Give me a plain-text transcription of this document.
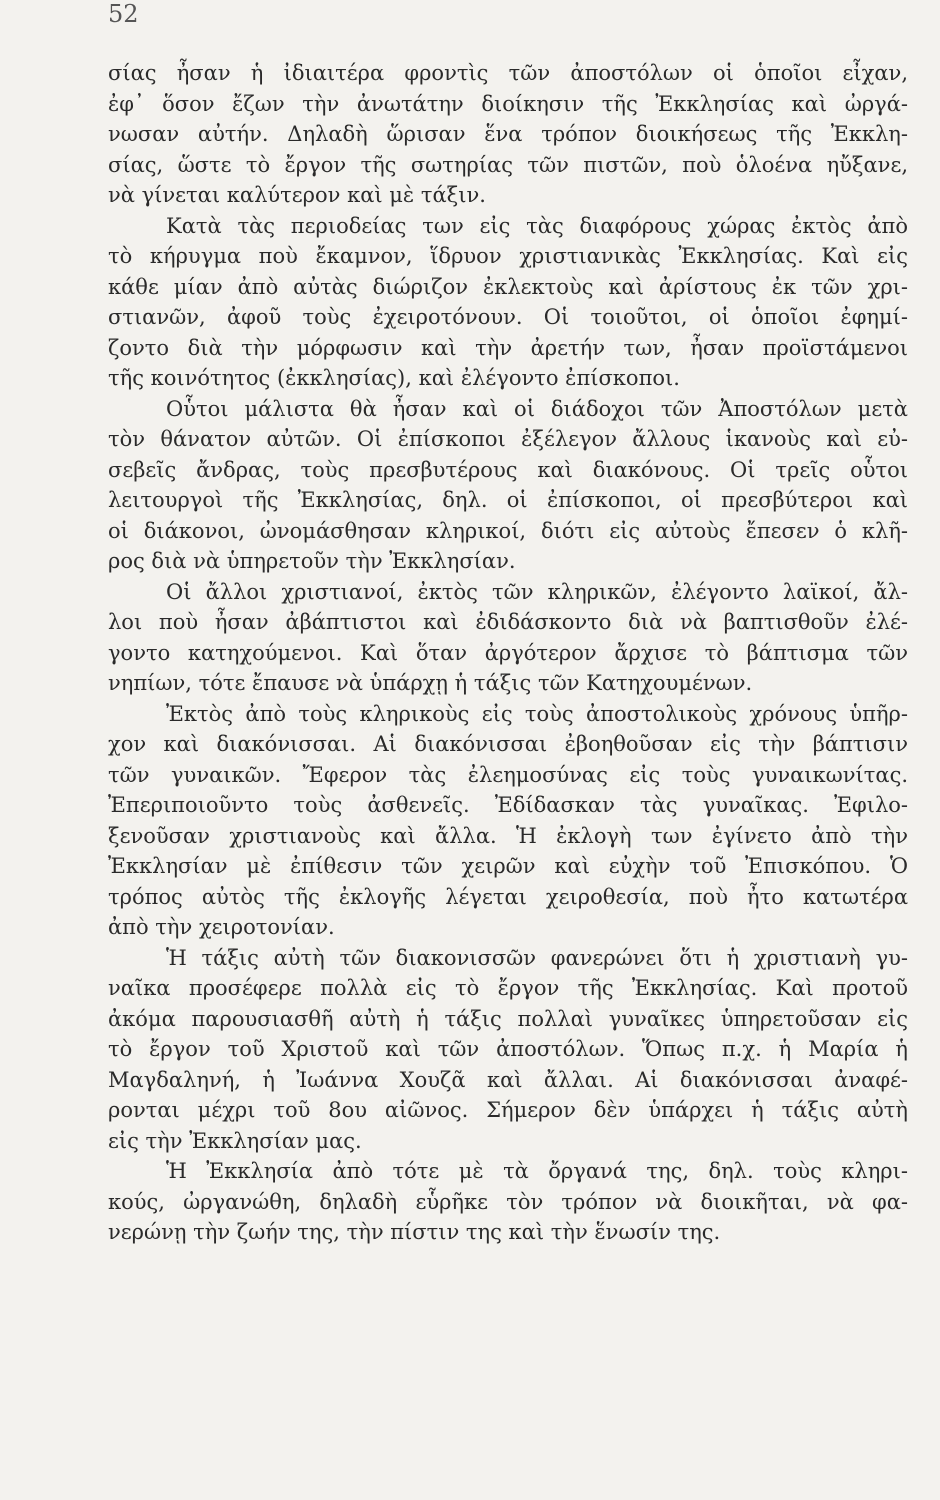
52
σίας ἦσαν ἡ ἰδιαιτέρα φροντὶς τῶν ἀποστόλων οἱ ὁποῖοι εἶχαν,
ἐφ᾽ ὅσον ἔζων τὴν ἀνωτάτην διοίκησιν τῆς Ἐκκλησίας καὶ ὠργά-
νωσαν αὐτήν. Δηλαδὴ ὥρισαν ἕνα τρόπον διοικήσεως τῆς Ἐκκλη-
σίας, ὥστε τὸ ἔργον τῆς σωτηρίας τῶν πιστῶν, ποὺ ὁλοένα ηὔξανε,
νὰ γίνεται καλύτερον καὶ μὲ τάξιν.
Κατὰ τὰς περιοδείας των εἰς τὰς διαφόρους χώρας ἐκτὸς ἀπὸ
τὸ κήρυγμα ποὺ ἔκαμνον, ἵδρυον χριστιανικὰς Ἐκκλησίας. Καὶ εἰς
κάθε μίαν ἀπὸ αὐτὰς διώριζον ἐκλεκτοὺς καὶ ἀρίστους ἐκ τῶν χρι-
στιανῶν, ἀφοῦ τοὺς ἐχειροτόνουν. Οἱ τοιοῦτοι, οἱ ὁποῖοι ἐφημί-
ζοντο διὰ τὴν μόρφωσιν καὶ τὴν ἀρετήν των, ἦσαν προϊστάμενοι
τῆς κοινότητος (ἐκκλησίας), καὶ ἐλέγοντο ἐπίσκοποι.
Οὗτοι μάλιστα θὰ ἦσαν καὶ οἱ διάδοχοι τῶν Ἀποστόλων μετὰ
τὸν θάνατον αὐτῶν. Οἱ ἐπίσκοποι ἐξέλεγον ἄλλους ἱκανοὺς καὶ εὐ-
σεβεῖς ἄνδρας, τοὺς πρεσβυτέρους καὶ διακόνους. Οἱ τρεῖς οὗτοι
λειτουργοὶ τῆς Ἐκκλησίας, δηλ. οἱ ἐπίσκοποι, οἱ πρεσβύτεροι καὶ
οἱ διάκονοι, ὠνομάσθησαν κληρικοί, διότι εἰς αὐτοὺς ἔπεσεν ὁ κλῆ-
ρος διὰ νὰ ὑπηρετοῦν τὴν Ἐκκλησίαν.
Οἱ ἄλλοι χριστιανοί, ἐκτὸς τῶν κληρικῶν, ἐλέγοντο λαϊκοί, ἄλ-
λοι ποὺ ἦσαν ἀβάπτιστοι καὶ ἐδιδάσκοντο διὰ νὰ βαπτισθοῦν ἐλέ-
γοντο κατηχούμενοι. Καὶ ὅταν ἀργότερον ἄρχισε τὸ βάπτισμα τῶν
νηπίων, τότε ἔπαυσε νὰ ὑπάρχῃ ἡ τάξις τῶν Κατηχουμένων.
Ἐκτὸς ἀπὸ τοὺς κληρικοὺς εἰς τοὺς ἀποστολικοὺς χρόνους ὑπῆρ-
χον καὶ διακόνισσαι. Αἱ διακόνισσαι ἐβοηθοῦσαν εἰς τὴν βάπτισιν
τῶν γυναικῶν. Ἔφερον τὰς ἐλεημοσύνας εἰς τοὺς γυναικωνίτας.
Ἐπεριποιοῦντο τοὺς ἀσθενεῖς. Ἐδίδασκαν τὰς γυναῖκας. Ἐφιλο-
ξενοῦσαν χριστιανοὺς καὶ ἄλλα. Ἡ ἐκλογὴ των ἐγίνετο ἀπὸ τὴν
Ἐκκλησίαν μὲ ἐπίθεσιν τῶν χειρῶν καὶ εὐχὴν τοῦ Ἐπισκόπου. Ὁ
τρόπος αὐτὸς τῆς ἐκλογῆς λέγεται χειροθεσία, ποὺ ἦτο κατωτέρα
ἀπὸ τὴν χειροτονίαν.
Ἡ τάξις αὐτὴ τῶν διακονισσῶν φανερώνει ὅτι ἡ χριστιανὴ γυ-
ναῖκα προσέφερε πολλὰ εἰς τὸ ἔργον τῆς Ἐκκλησίας. Καὶ προτοῦ
ἀκόμα παρουσιασθῆ αὐτὴ ἡ τάξις πολλαὶ γυναῖκες ὑπηρετοῦσαν εἰς
τὸ ἔργον τοῦ Χριστοῦ καὶ τῶν ἀποστόλων. Ὅπως π.χ. ἡ Μαρία ἡ
Μαγδαληνή, ἡ Ἰωάννα Χουζᾶ καὶ ἄλλαι. Αἱ διακόνισσαι ἀναφέ-
ρονται μέχρι τοῦ 8ου αἰῶνος. Σήμερον δὲν ὑπάρχει ἡ τάξις αὐτὴ
εἰς τὴν Ἐκκλησίαν μας.
Ἡ Ἐκκλησία ἀπὸ τότε μὲ τὰ ὄργανά της, δηλ. τοὺς κληρι-
κούς, ὠργανώθη, δηλαδὴ εὗρῆκε τὸν τρόπον νὰ διοικῆται, νὰ φα-
νερώνῃ τὴν ζωήν της, τὴν πίστιν της καὶ τὴν ἕνωσίν της.
